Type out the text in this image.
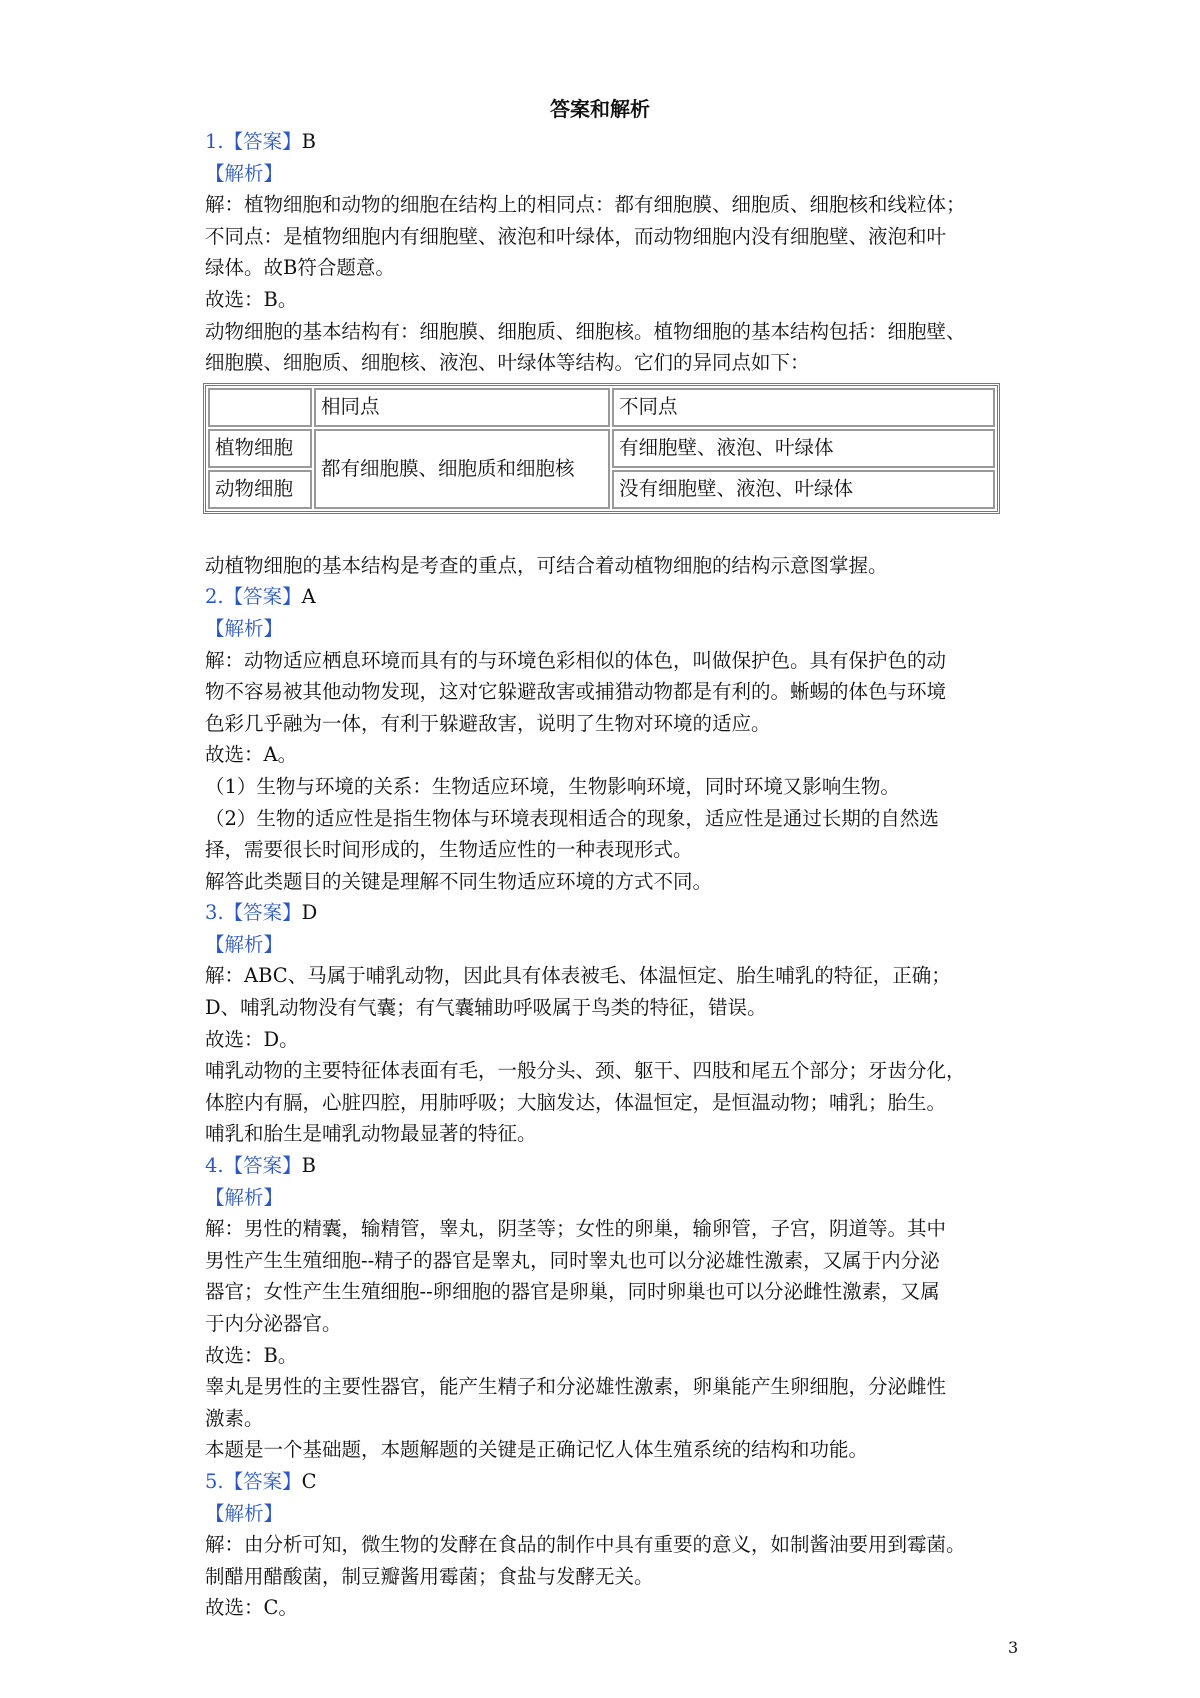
答案和解析

1.【答案】B

【解析】

解：植物细胞和动物的细胞在结构上的相同点：都有细胞膜、细胞质、细胞核和线粒体；

不同点：是植物细胞内有细胞壁、液泡和叶绿体，而动物细胞内没有细胞壁、液泡和叶

绿体。故B符合题意。

故选：B。

动物细胞的基本结构有：细胞膜、细胞质、细胞核。植物细胞的基本结构包括：细胞壁、

细胞膜、细胞质、细胞核、液泡、叶绿体等结构。它们的异同点如下：

	相同点	不同点
植物细胞	都有细胞膜、细胞质和细胞核	有细胞壁、液泡、叶绿体
动物细胞		没有细胞壁、液泡、叶绿体

动植物细胞的基本结构是考查的重点，可结合着动植物细胞的结构示意图掌握。

2.【答案】A

【解析】

解：动物适应栖息环境而具有的与环境色彩相似的体色，叫做保护色。具有保护色的动

物不容易被其他动物发现，这对它躲避敌害或捕猎动物都是有利的。蜥蜴的体色与环境

色彩几乎融为一体，有利于躲避敌害，说明了生物对环境的适应。

故选：A。

（1）生物与环境的关系：生物适应环境，生物影响环境，同时环境又影响生物。

（2）生物的适应性是指生物体与环境表现相适合的现象，适应性是通过长期的自然选

择，需要很长时间形成的，生物适应性的一种表现形式。

解答此类题目的关键是理解不同生物适应环境的方式不同。

3.【答案】D

【解析】

解：ABC、马属于哺乳动物，因此具有体表被毛、体温恒定、胎生哺乳的特征，正确；

D、哺乳动物没有气囊；有气囊辅助呼吸属于鸟类的特征，错误。

故选：D。

哺乳动物的主要特征体表面有毛，一般分头、颈、躯干、四肢和尾五个部分；牙齿分化，

体腔内有膈，心脏四腔，用肺呼吸；大脑发达，体温恒定，是恒温动物；哺乳；胎生。

哺乳和胎生是哺乳动物最显著的特征。

4.【答案】B

【解析】

解：男性的精囊，输精管，睾丸，阴茎等；女性的卵巢，输卵管，子宫，阴道等。其中

男性产生生殖细胞--精子的器官是睾丸，同时睾丸也可以分泌雄性激素，又属于内分泌

器官；女性产生生殖细胞--卵细胞的器官是卵巢，同时卵巢也可以分泌雌性激素，又属

于内分泌器官。

故选：B。

睾丸是男性的主要性器官，能产生精子和分泌雄性激素，卵巢能产生卵细胞，分泌雌性

激素。

本题是一个基础题，本题解题的关键是正确记忆人体生殖系统的结构和功能。

5.【答案】C

【解析】

解：由分析可知，微生物的发酵在食品的制作中具有重要的意义，如制酱油要用到霉菌。

制醋用醋酸菌，制豆瓣酱用霉菌；食盐与发酵无关。

故选：C。

3
